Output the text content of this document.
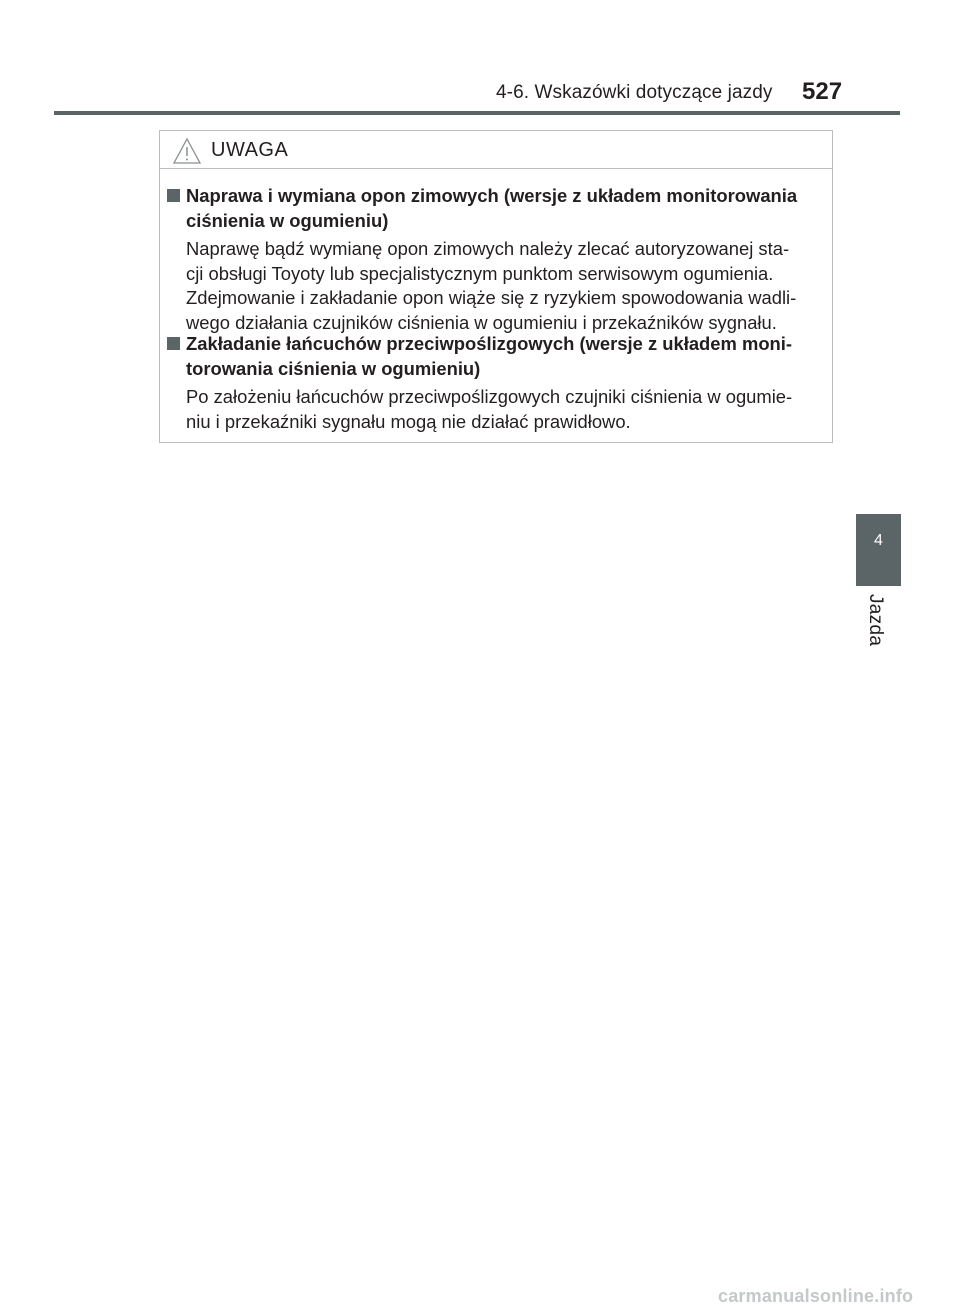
4-6. Wskazówki dotyczące jazdy 527
UWAGA
Naprawa i wymiana opon zimowych (wersje z układem monitorowania
ciśnienia w ogumieniu)
Naprawę bądź wymianę opon zimowych należy zlecać autoryzowanej sta-
cji obsługi Toyoty lub specjalistycznym punktom serwisowym ogumienia.
Zdejmowanie i zakładanie opon wiąże się z ryzykiem spowodowania wadli-
wego działania czujników ciśnienia w ogumieniu i przekaźników sygnału.
Zakładanie łańcuchów przeciwpoślizgowych (wersje z układem moni-
torowania ciśnienia w ogumieniu)
Po założeniu łańcuchów przeciwpoślizgowych czujniki ciśnienia w ogumie-
niu i przekaźniki sygnału mogą nie działać prawidłowo.
4
Jazda
carmanualsonline.info
